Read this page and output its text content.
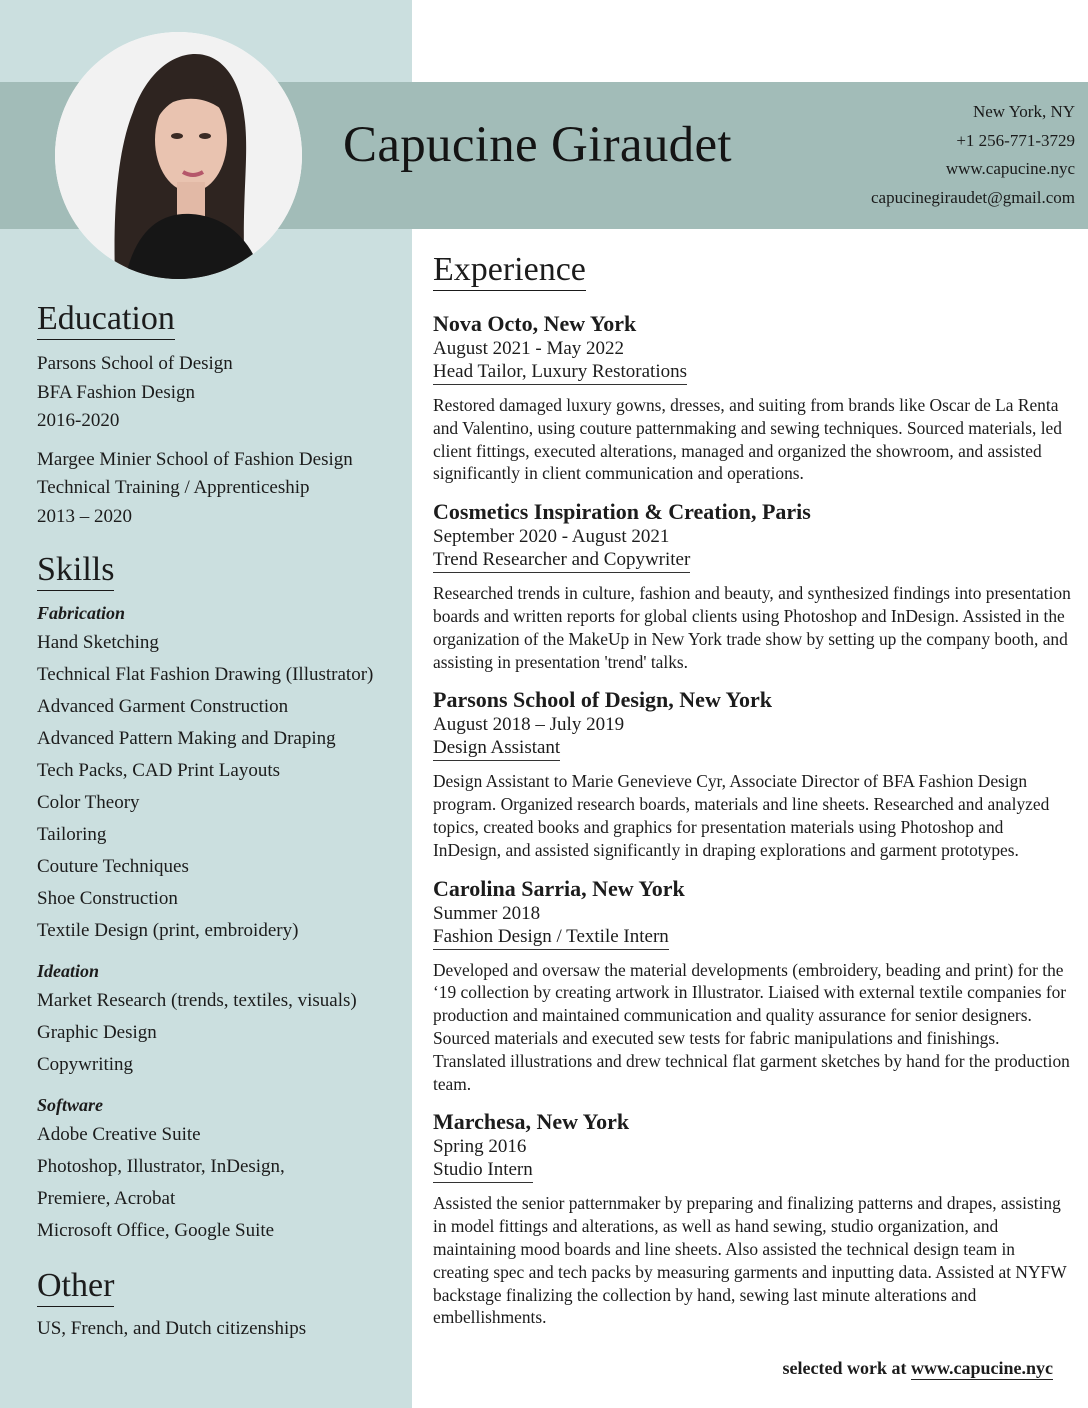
Capucine Giraudet
New York, NY
+1 256-771-3729
www.capucine.nyc
capucinegiraudet@gmail.com
Education
Parsons School of Design
BFA Fashion Design
2016-2020
Margee Minier School of Fashion Design
Technical Training / Apprenticeship
2013 – 2020
Skills
Fabrication
Hand Sketching
Technical Flat Fashion Drawing (Illustrator)
Advanced Garment Construction
Advanced Pattern Making and Draping
Tech Packs, CAD Print Layouts
Color Theory
Tailoring
Couture Techniques
Shoe Construction
Textile Design (print, embroidery)
Ideation
Market Research (trends, textiles, visuals)
Graphic Design
Copywriting
Software
Adobe Creative Suite
Photoshop, Illustrator, InDesign,
Premiere, Acrobat
Microsoft Office, Google Suite
Other
US, French, and Dutch citizenships
Experience
Nova Octo, New York
August 2021 - May 2022
Head Tailor, Luxury Restorations
Restored damaged luxury gowns, dresses, and suiting from brands like Oscar de La Renta and Valentino, using couture patternmaking and sewing techniques. Sourced materials, led client fittings, executed alterations, managed and organized the showroom, and assisted significantly in client communication and operations.
Cosmetics Inspiration & Creation, Paris
September 2020 - August 2021
Trend Researcher and Copywriter
Researched trends in culture, fashion and beauty, and synthesized findings into presentation boards and written reports for global clients using Photoshop and InDesign. Assisted in the organization of the MakeUp in New York trade show by setting up the company booth, and assisting in presentation 'trend' talks.
Parsons School of Design, New York
August 2018 – July 2019
Design Assistant
Design Assistant to Marie Genevieve Cyr, Associate Director of BFA Fashion Design program. Organized research boards, materials and line sheets. Researched and analyzed topics, created books and graphics for presentation materials using Photoshop and InDesign, and assisted significantly in draping explorations and garment prototypes.
Carolina Sarria, New York
Summer 2018
Fashion Design / Textile Intern
Developed and oversaw the material developments (embroidery, beading and print) for the ‘19 collection by creating artwork in Illustrator. Liaised with external textile companies for production and maintained communication and quality assurance for senior designers. Sourced materials and executed sew tests for fabric manipulations and finishings. Translated illustrations and drew technical flat garment sketches by hand for the production team.
Marchesa, New York
Spring 2016
Studio Intern
Assisted the senior patternmaker by preparing and finalizing patterns and drapes, assisting in model fittings and alterations, as well as hand sewing, studio organization, and maintaining mood boards and line sheets. Also assisted the technical design team in creating spec and tech packs by measuring garments and inputting data. Assisted at NYFW backstage finalizing the collection by hand, sewing last minute alterations and embellishments.
selected work at www.capucine.nyc
